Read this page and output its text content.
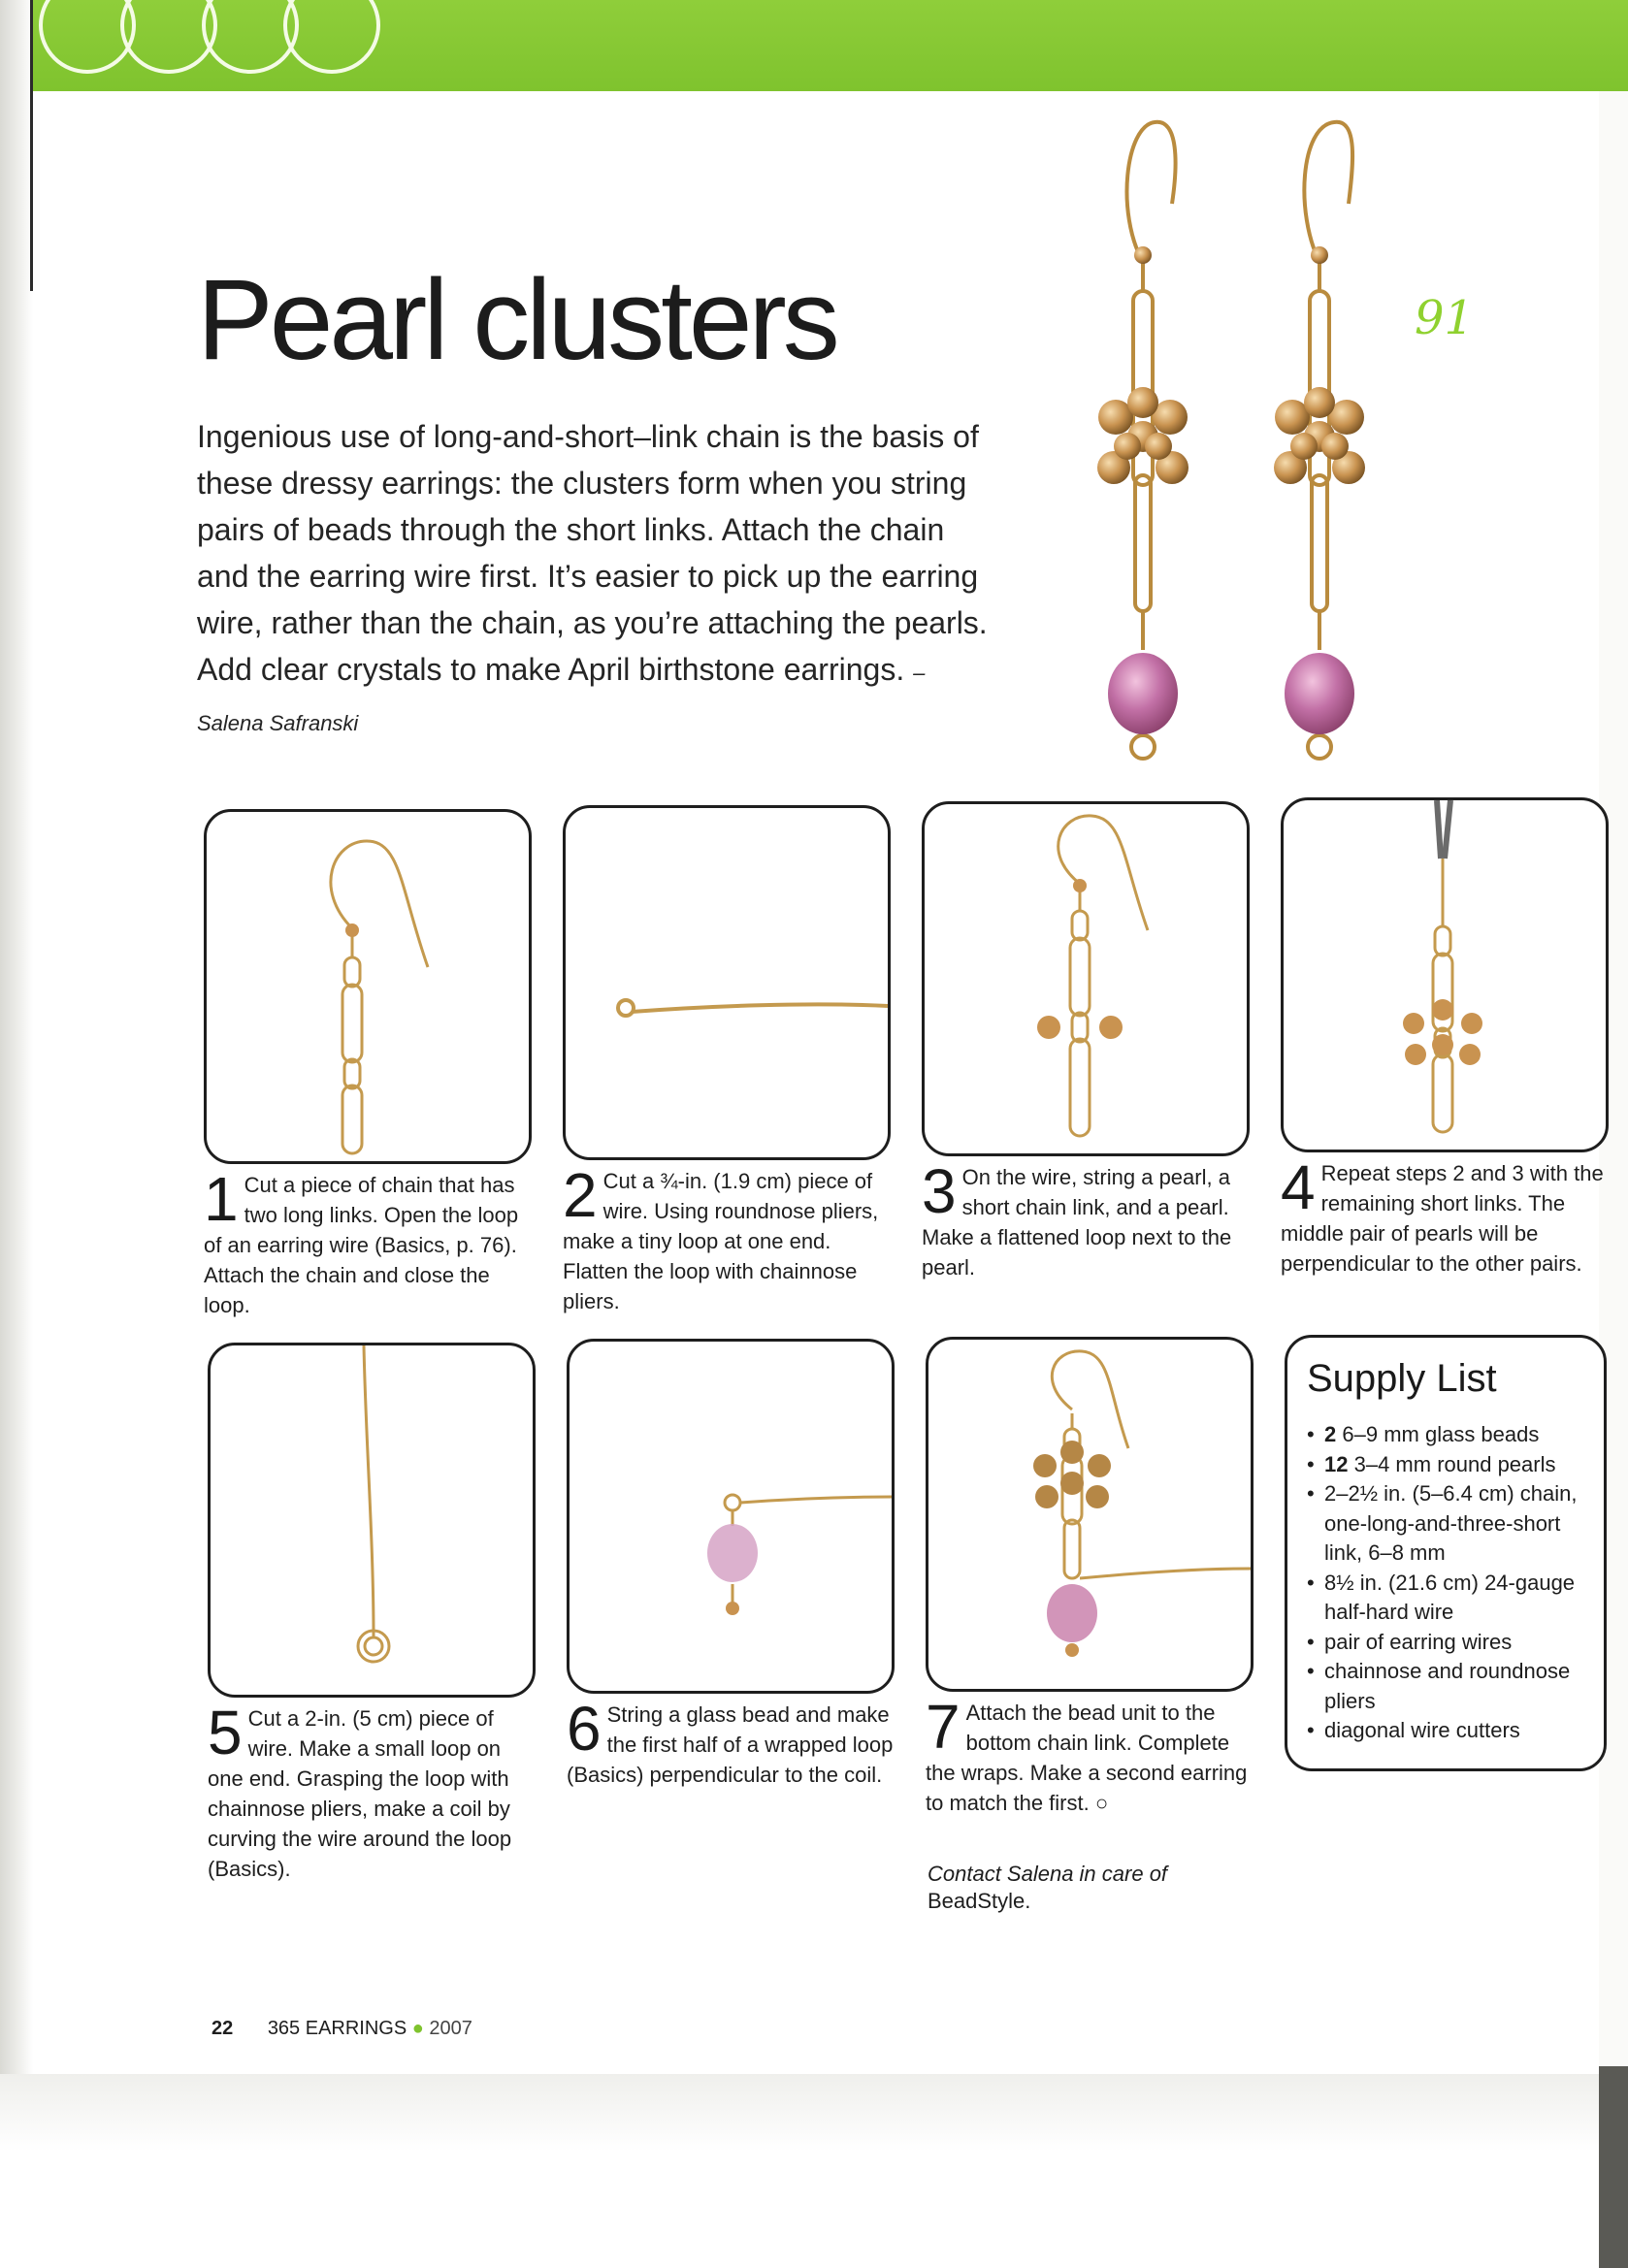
Pearl clusters

Ingenious use of long-and-short–link chain is the basis of these dressy earrings: the clusters form when you string pairs of beads through the short links. Attach the chain and the earring wire first. It’s easier to pick up the earring wire, rather than the chain, as you’re attaching the pearls. Add clear crystals to make April birthstone earrings. – Salena Safranski

91

1 Cut a piece of chain that has two long links. Open the loop of an earring wire (Basics, p. 76). Attach the chain and close the loop.

2 Cut a ¾-in. (1.9 cm) piece of wire. Using roundnose pliers, make a tiny loop at one end. Flatten the loop with chainnose pliers.

3 On the wire, string a pearl, a short chain link, and a pearl. Make a flattened loop next to the pearl.

4 Repeat steps 2 and 3 with the remaining short links. The middle pair of pearls will be perpendicular to the other pairs.

5 Cut a 2-in. (5 cm) piece of wire. Make a small loop on one end. Grasping the loop with chainnose pliers, make a coil by curving the wire around the loop (Basics).

6 String a glass bead and make the first half of a wrapped loop (Basics) perpendicular to the coil.

7 Attach the bead unit to the bottom chain link. Complete the wraps. Make a second earring to match the first. ○

Contact Salena in care of
BeadStyle.

Supply List
• 2 6–9 mm glass beads
• 12 3–4 mm round pearls
• 2–2½ in. (5–6.4 cm) chain, one-long-and-three-short link, 6–8 mm
• 8½ in. (21.6 cm) 24-gauge half-hard wire
• pair of earring wires
• chainnose and roundnose pliers
• diagonal wire cutters
22 365 EARRINGS ● 2007
